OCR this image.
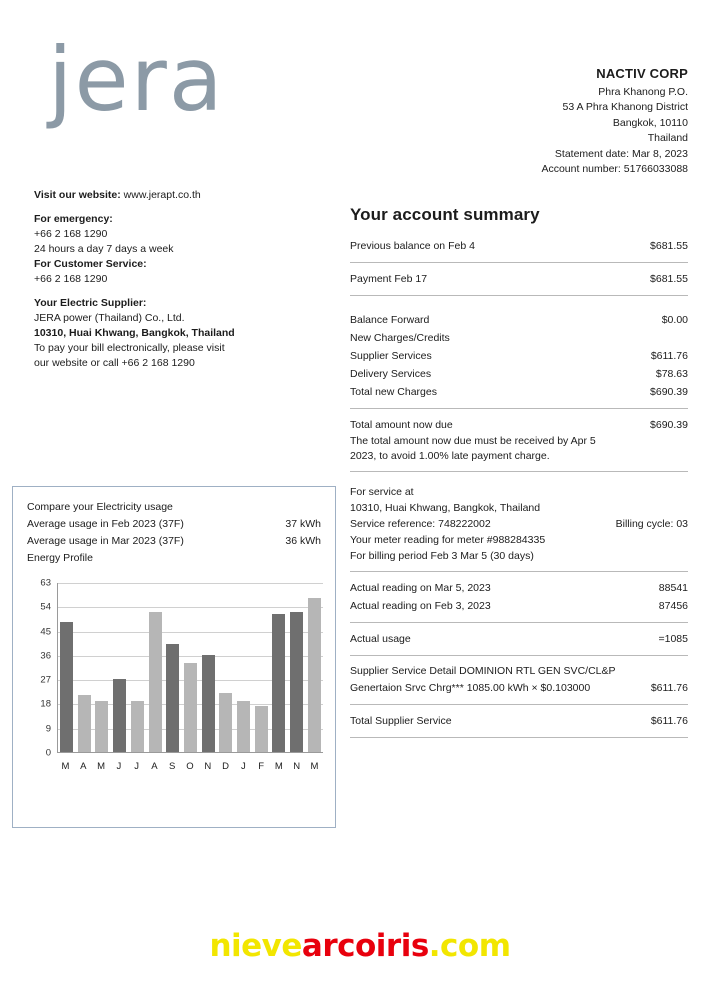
jera	NACTIV CORP
Phra Khanong P.O.
53 A Phra Khanong District
Bangkok, 10110
Thailand
Statement date: Mar 8, 2023
Account number: 51766033088

Visit our website: www.jerapt.co.th

For emergency:
+66 2 168 1290
24 hours a day 7 days a week
For Customer Service:
+66 2 168 1290

Your Electric Supplier:
JERA power (Thailand) Co., Ltd.
10310, Huai Khwang, Bangkok, Thailand
To pay your bill electronically, please visit
our website or call +66 2 168 1290

Your account summary
Previous balance on Feb 4	$681.55
Payment Feb 17	$681.55
Balance Forward	$0.00
New Charges/Credits
Supplier Services	$611.76
Delivery Services	$78.63
Total new Charges	$690.39
Total amount now due	$690.39
The total amount now due must be received by Apr 5
2023, to avoid 1.00% late payment charge.
For service at
10310, Huai Khwang, Bangkok, Thailand
Service reference: 748222002	Billing cycle: 03
Your meter reading for meter #988284335
For billing period Feb 3 Mar 5 (30 days)
Actual reading on Mar 5, 2023	88541
Actual reading on Feb 3, 2023	87456
Actual usage	=1085
Supplier Service Detail DOMINION RTL GEN SVC/CL&P
Genertaion Srvc Chrg*** 1085.00 kWh × $0.103000	$611.76
Total Supplier Service	$611.76
Compare your Electricity usage
Average usage in Feb 2023 (37F)	37 kWh
Average usage in Mar 2023 (37F)	36 kWh
Energy Profile
63
54
45
36
27
18
9
0
M	A	M	J	J	A	S	O	N	D	J	F	M	N	M
nievearcoiris.com
